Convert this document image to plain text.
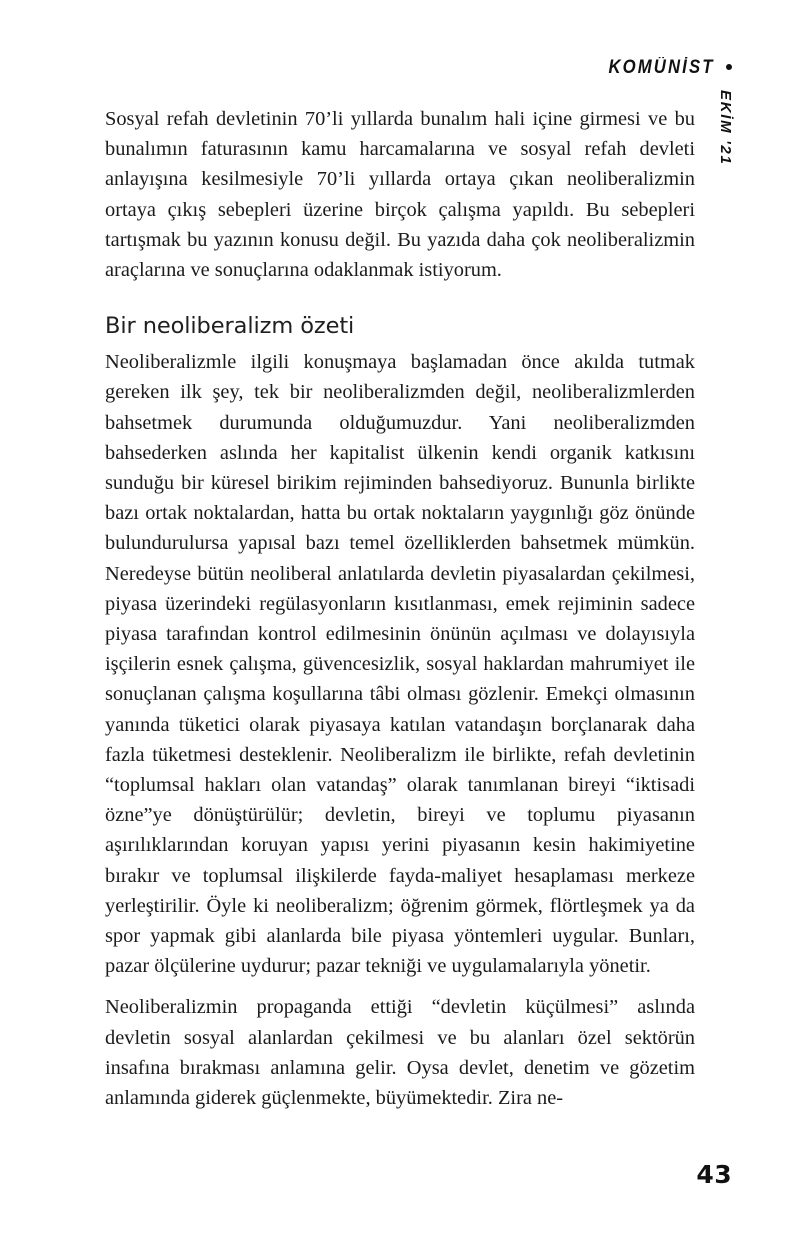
KOMÜNİST
EKİM '21

Sosyal refah devletinin 70’li yıllarda bunalım hali içine girmesi ve bu bunalımın faturasının kamu harcamalarına ve sosyal refah devleti anlayışına kesilmesiyle 70’li yıllarda ortaya çıkan neoliberalizmin ortaya çıkış sebepleri üzerine birçok çalışma yapıldı. Bu sebepleri tartışmak bu yazının konusu değil. Bu yazıda daha çok neoliberalizmin araçlarına ve sonuçlarına odaklanmak istiyorum.

Bir neoliberalizm özeti

Neoliberalizmle ilgili konuşmaya başlamadan önce akılda tutmak gereken ilk şey, tek bir neoliberalizmden değil, neoliberalizmlerden bahsetmek durumunda olduğumuzdur. Yani neoliberalizmden bahsederken aslında her kapitalist ülkenin kendi organik katkısını sunduğu bir küresel birikim rejiminden bahsediyoruz. Bununla birlikte bazı ortak noktalardan, hatta bu ortak noktaların yaygınlığı göz önünde bulundurulursa yapısal bazı temel özelliklerden bahsetmek mümkün. Neredeyse bütün neoliberal anlatılarda devletin piyasalardan çekilmesi, piyasa üzerindeki regülasyonların kısıtlanması, emek rejiminin sadece piyasa tarafından kontrol edilmesinin önünün açılması ve dolayısıyla işçilerin esnek çalışma, güvencesizlik, sosyal haklardan mahrumiyet ile sonuçlanan çalışma koşullarına tâbi olması gözlenir. Emekçi olmasının yanında tüketici olarak piyasaya katılan vatandaşın borçlanarak daha fazla tüketmesi desteklenir. Neoliberalizm ile birlikte, refah devletinin “toplumsal hakları olan vatandaş” olarak tanımlanan bireyi “iktisadi özne”ye dönüştürülür; devletin, bireyi ve toplumu piyasanın aşırılıklarından koruyan yapısı yerini piyasanın kesin hakimiyetine bırakır ve toplumsal ilişkilerde fayda-maliyet hesaplaması merkeze yerleştirilir. Öyle ki neoliberalizm; öğrenim görmek, flörtleşmek ya da spor yapmak gibi alanlarda bile piyasa yöntemleri uygular. Bunları, pazar ölçülerine uydurur; pazar tekniği ve uygulamalarıyla yönetir.

Neoliberalizmin propaganda ettiği “devletin küçülmesi” aslında devletin sosyal alanlardan çekilmesi ve bu alanları özel sektörün insafına bırakması anlamına gelir. Oysa devlet, denetim ve gözetim anlamında giderek güçlenmekte, büyümektedir. Zira ne-

43
